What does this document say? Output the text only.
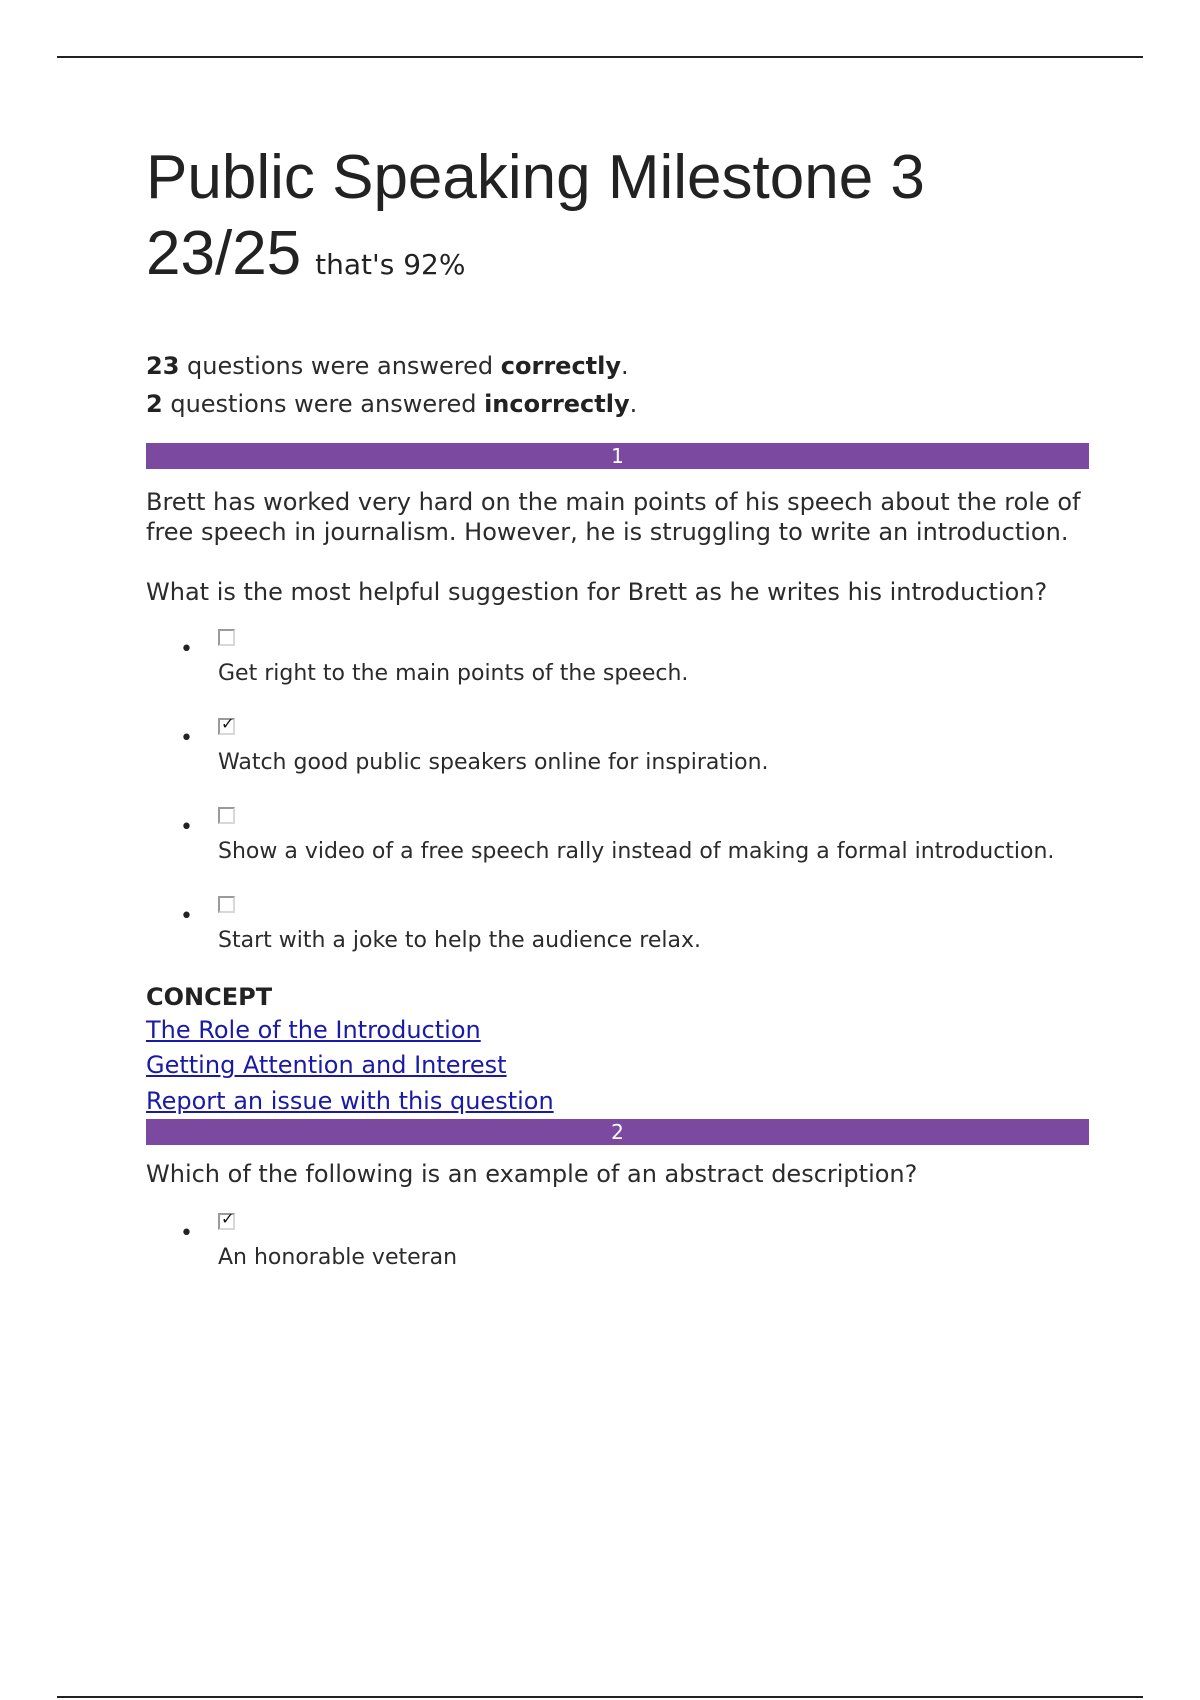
Public Speaking Milestone 3

23/25 that's 92%

23 questions were answered correctly.
2 questions were answered incorrectly.
1

Brett has worked very hard on the main points of his speech about the role of free speech in journalism. However, he is struggling to write an introduction.

What is the most helpful suggestion for Brett as he writes his introduction?

•
Get right to the main points of the speech.
•
✓
Watch good public speakers online for inspiration.
•
Show a video of a free speech rally instead of making a formal introduction.
•
Start with a joke to help the audience relax.
CONCEPT
The Role of the Introduction
Getting Attention and Interest
Report an issue with this question
2

Which of the following is an example of an abstract description?

•
✓
An honorable veteran
